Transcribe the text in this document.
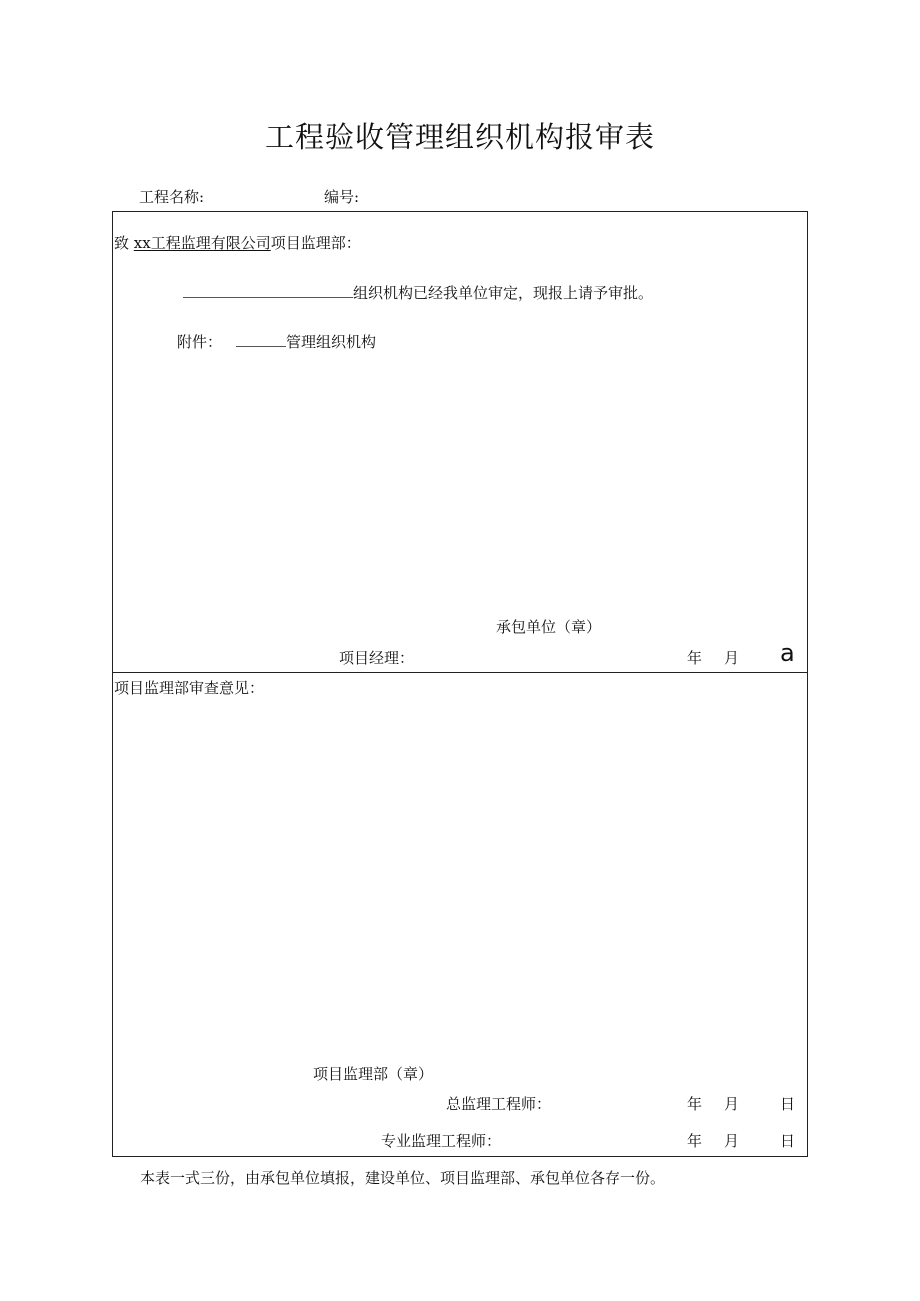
工程验收管理组织机构报审表
工程名称:	编号:
致 xx工程监理有限公司项目监理部：
组织机构已经我单位审定，现报上请予审批。
附件：	管理组织机构
承包单位（章）
项目经理：	年 月 a
项目监理部审查意见：
项目监理部（章）
总监理工程师：	年 月	日
专业监理工程师：	年 月	日
本表一式三份，由承包单位填报，建设单位、项目监理部、承包单位各存一份。
